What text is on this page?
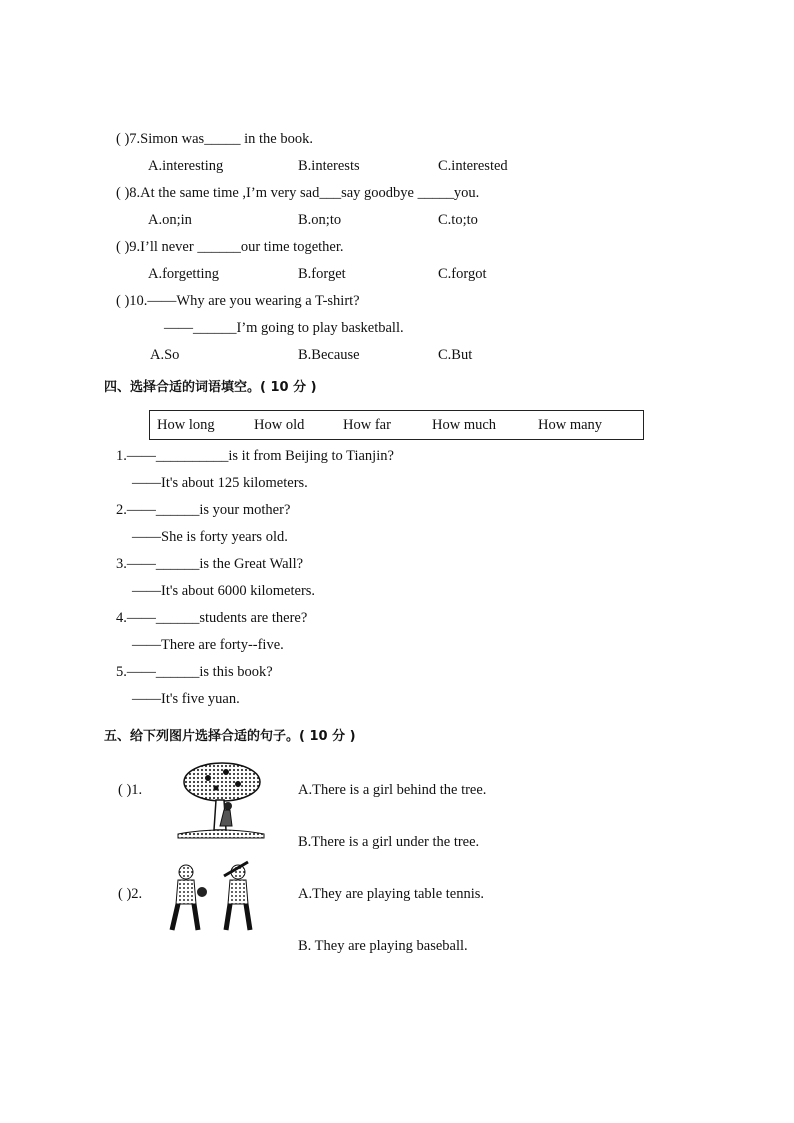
( )7.Simon was_____ in the book.
A.interesting	B.interests	C.interested
( )8.At the same time ,I’m very sad___say goodbye _____you.
A.on;in	B.on;to	C.to;to
( )9.I’ll never ______our time together.
A.forgetting	B.forget	C.forgot
( )10.——Why are you wearing a T-shirt?
——______I’m going to play basketball.
A.So	B.Because	C.But
四、选择合适的词语填空。( 10 分 )
How long	How old	How far	How much	How many
1.——__________is it from Beijing to Tianjin?
——It's about 125 kilometers.
2.——______is your mother?
——She is forty years old.
3.——______is the Great Wall?
——It's about 6000 kilometers.
4.——______students are there?
——There are forty--five.
5.——______is this book?
——It's five yuan.
五、给下列图片选择合适的句子。( 10 分 )
( )1.	A.There is a girl behind the tree.
B.There is a girl under the tree.
( )2.	A.They are playing table tennis.
B. They are playing baseball.
